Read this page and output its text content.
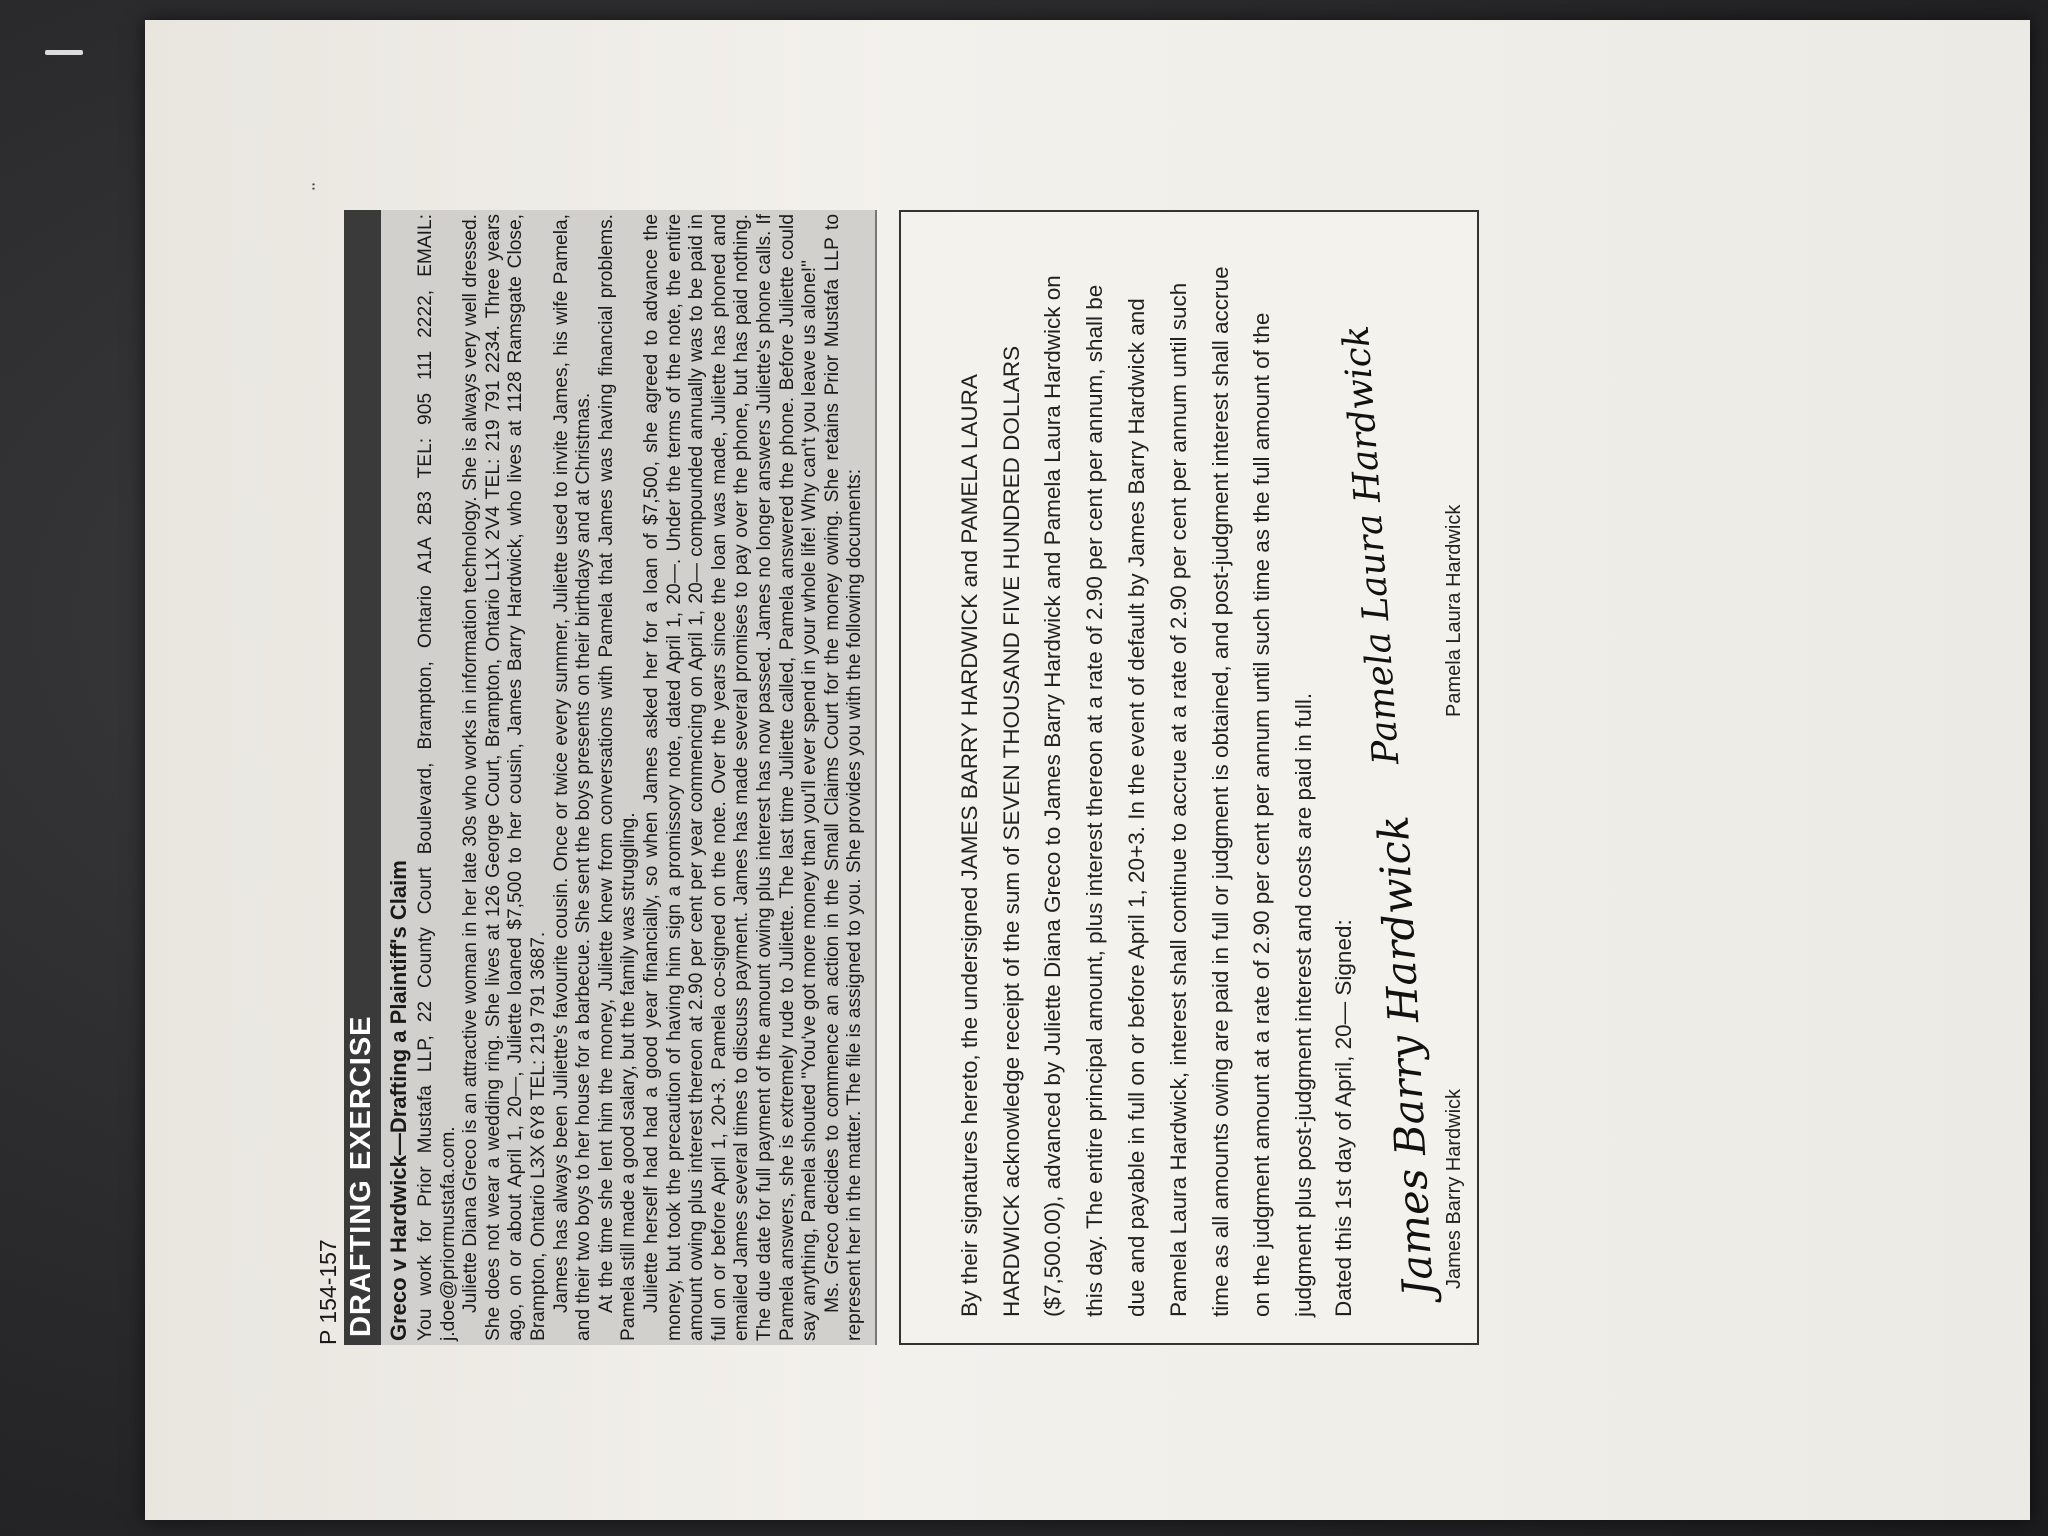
P 154-157 DRAFTING EXERCISE Greco v Hardwick—Drafting a Plaintiff's Claim You work for Prior Mustafa LLP, 22 County Court Boulevard, Brampton, Ontario A1A 2B3 TEL: 905 111 2222, EMAIL: j.doe@priormustafa.com. Juliette Diana Greco is an attractive woman in her late 30s who works in information technology. She is always very well dressed. She does not wear a wedding ring. She lives at 126 George Court, Brampton, Ontario L1X 2V4 TEL: 219 791 2234. Three years ago, on or about April 1, 20—, Juliette loaned $7,500 to her cousin, James Barry Hardwick, who lives at 1128 Ramsgate Close, Brampton, Ontario L3X 6Y8 TEL: 219 791 3687. James has always been Juliette's favourite cousin. Once or twice every summer, Juliette used to invite James, his wife Pamela, and their two boys to her house for a barbecue. She sent the boys presents on their birthdays and at Christmas. At the time she lent him the money, Juliette knew from conversations with Pamela that James was having financial problems. Pamela still made a good salary, but the family was struggling. Juliette herself had had a good year financially, so when James asked her for a loan of $7,500, she agreed to advance the money, but took the precaution of having him sign a promissory note, dated April 1, 20—. Under the terms of the note, the entire amount owing plus interest thereon at 2.90 per cent per year commencing on April 1, 20— compounded annually was to be paid in full on or before April 1, 20+3. Pamela co-signed on the note. Over the years since the loan was made, Juliette has phoned and emailed James several times to discuss payment. James has made several promises to pay over the phone, but has paid nothing. The due date for full payment of the amount owing plus interest has now passed. James no longer answers Juliette's phone calls. If Pamela answers, she is extremely rude to Juliette. The last time Juliette called, Pamela answered the phone. Before Juliette could say anything, Pamela shouted "You've got more money than you'll ever spend in your whole life! Why can't you leave us alone!" Ms. Greco decides to commence an action in the Small Claims Court for the money owing. She retains Prior Mustafa LLP to represent her in the matter. The file is assigned to you. She provides you with the following documents:	By their signatures hereto, the undersigned JAMES BARRY HARDWICK and PAMELA LAURA HARDWICK acknowledge receipt of the sum of SEVEN THOUSAND FIVE HUNDRED DOLLARS ($7,500.00), advanced by Juliette Diana Greco to James Barry Hardwick and Pamela Laura Hardwick on this day. The entire principal amount, plus interest thereon at a rate of 2.90 per cent per annum, shall be due and payable in full on or before April 1, 20+3. In the event of default by James Barry Hardwick and Pamela Laura Hardwick, interest shall continue to accrue at a rate of 2.90 per cent per annum until such time as all amounts owing are paid in full or judgment is obtained, and post-judgment interest shall accrue on the judgment amount at a rate of 2.90 per cent per annum until such time as the full amount of the judgment plus post-judgment interest and costs are paid in full. Dated this 1st day of April, 20— Signed: James Barry Hardwick James Barry Hardwick
Pamela Laura Hardwick Pamela Laura Hardwick
¨
